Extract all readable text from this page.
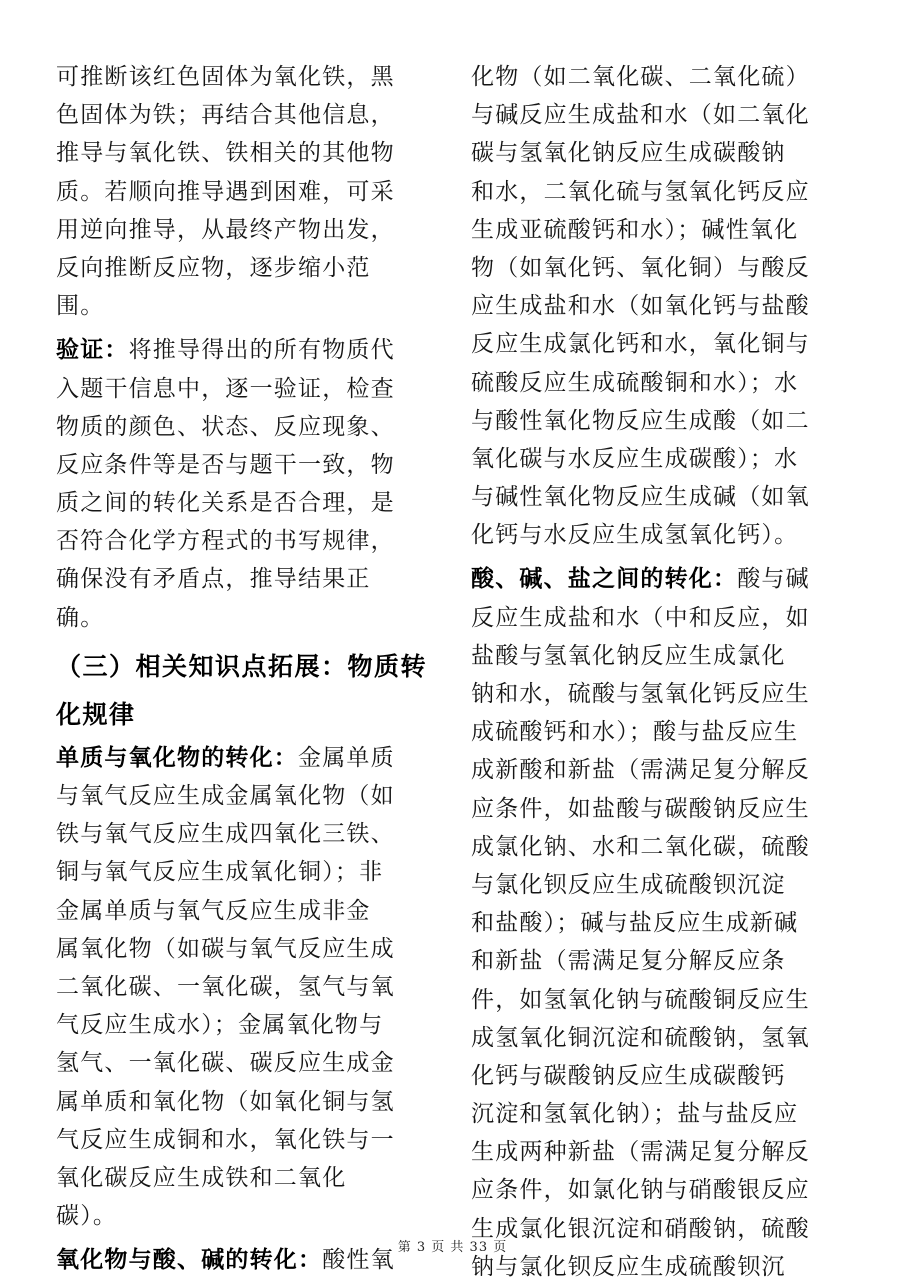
可推断该红色固体为氧化铁，黑
色固体为铁；再结合其他信息，
推导与氧化铁、铁相关的其他物
质。若顺向推导遇到困难，可采
用逆向推导，从最终产物出发，
反向推断反应物，逐步缩小范
围。
验证：将推导得出的所有物质代
入题干信息中，逐一验证，检查
物质的颜色、状态、反应现象、
反应条件等是否与题干一致，物
质之间的转化关系是否合理，是
否符合化学方程式的书写规律，
确保没有矛盾点，推导结果正
确。
（三）相关知识点拓展：物质转
化规律
单质与氧化物的转化：金属单质
与氧气反应生成金属氧化物（如
铁与氧气反应生成四氧化三铁、
铜与氧气反应生成氧化铜）；非
金属单质与氧气反应生成非金
属氧化物（如碳与氧气反应生成
二氧化碳、一氧化碳，氢气与氧
气反应生成水）；金属氧化物与
氢气、一氧化碳、碳反应生成金
属单质和氧化物（如氧化铜与氢
气反应生成铜和水，氧化铁与一
氧化碳反应生成铁和二氧化
碳）。
氧化物与酸、碱的转化：酸性氧
化物（如二氧化碳、二氧化硫）
与碱反应生成盐和水（如二氧化
碳与氢氧化钠反应生成碳酸钠
和水，二氧化硫与氢氧化钙反应
生成亚硫酸钙和水）；碱性氧化
物（如氧化钙、氧化铜）与酸反
应生成盐和水（如氧化钙与盐酸
反应生成氯化钙和水，氧化铜与
硫酸反应生成硫酸铜和水）；水
与酸性氧化物反应生成酸（如二
氧化碳与水反应生成碳酸）；水
与碱性氧化物反应生成碱（如氧
化钙与水反应生成氢氧化钙）。
酸、碱、盐之间的转化：酸与碱
反应生成盐和水（中和反应，如
盐酸与氢氧化钠反应生成氯化
钠和水，硫酸与氢氧化钙反应生
成硫酸钙和水）；酸与盐反应生
成新酸和新盐（需满足复分解反
应条件，如盐酸与碳酸钠反应生
成氯化钠、水和二氧化碳，硫酸
与氯化钡反应生成硫酸钡沉淀
和盐酸）；碱与盐反应生成新碱
和新盐（需满足复分解反应条
件，如氢氧化钠与硫酸铜反应生
成氢氧化铜沉淀和硫酸钠，氢氧
化钙与碳酸钠反应生成碳酸钙
沉淀和氢氧化钠）；盐与盐反应
生成两种新盐（需满足复分解反
应条件，如氯化钠与硝酸银反应
生成氯化银沉淀和硝酸钠，硫酸
钠与氯化钡反应生成硫酸钡沉
第 3 页 共 33 页
